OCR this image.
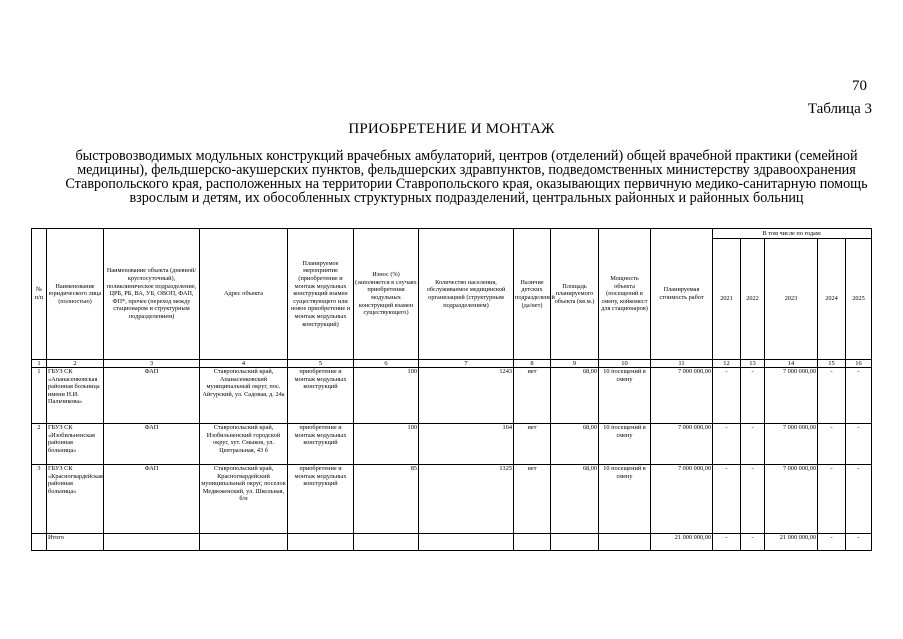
70
Таблица 3
ПРИОБРЕТЕНИЕ И МОНТАЖ
быстровозводимых модульных конструкций врачебных амбулаторий, центров (отделений) общей врачебной практики (семейной медицины), фельдшерско-акушерских пунктов, фельдшерских здравпунктов, подведомственных министерству здравоохранения Ставропольского края, расположенных на территории Ставропольского края, оказывающих первичную медико-санитарную помощь взрослым и детям, их обособленных структурных подразделений, центральных районных и районных больниц
№ п/п	Наименование юридического лица (полностью)	Наименование объекта (дневной/круглосуточный), поликлиническое подразделение, ЦРБ, РБ, ВА, УБ, ОВОП, ФАП, ФП*, прочее (переход между стационаром и структурным подразделением)	Адрес объекта	Планируемое мероприятие (приобретение и монтаж модульных конструкций взамен существующего или новое приобретение и монтаж модульных конструкций)	Износ (%) (заполняется в случаях приобретения модульных конструкций взамен существующего)	Количество населения, обслуживаемое медицинской организацией (структурным подразделением)	Наличие детских подразделений (да/нет)	Площадь планируемого объекта (кв.м.)	Мощность объекта (посещений в смену, койкомест для стационаров)	Планируемая стоимость работ	В том числе по годам:				
											2021	2022	2023	2024	2025
1	2	3	4	5	6	7	8	9	10	11	12	13	14	15	16
1	ГБУЗ СК «Апанасенковская районная больница имени Н.И. Пальчикова»	ФАП	Ставропольский край, Апанасенковский муниципальный округ, пос. Айгурский, ул. Садовая, д. 24а	приобретение и монтаж модульных конструкций	100	1243	нет	68,00	10 посещений в смену	7 000 000,00	-	-	7 000 000,00	-	-
2	ГБУЗ СК «Изобильненская районная больница»	ФАП	Ставропольский край, Изобильненский городской округ, хут. Смыков, ул. Центральная, 43 б	приобретение и монтаж модульных конструкций	100	164	нет	68,00	10 посещений в смену	7 000 000,00	-	-	7 000 000,00	-	-
3	ГБУЗ СК «Красногвардейская районная больница»	ФАП	Ставропольский край, Красногвардейский муниципальный округ, поселок Медвеженский, ул. Школьная, б/н	приобретение и монтаж модульных конструкций	85	1325	нет	68,00	10 посещений в смену	7 000 000,00	-	-	7 000 000,00	-	-
	Итого									21 000 000,00	-	-	21 000 000,00	-	-
